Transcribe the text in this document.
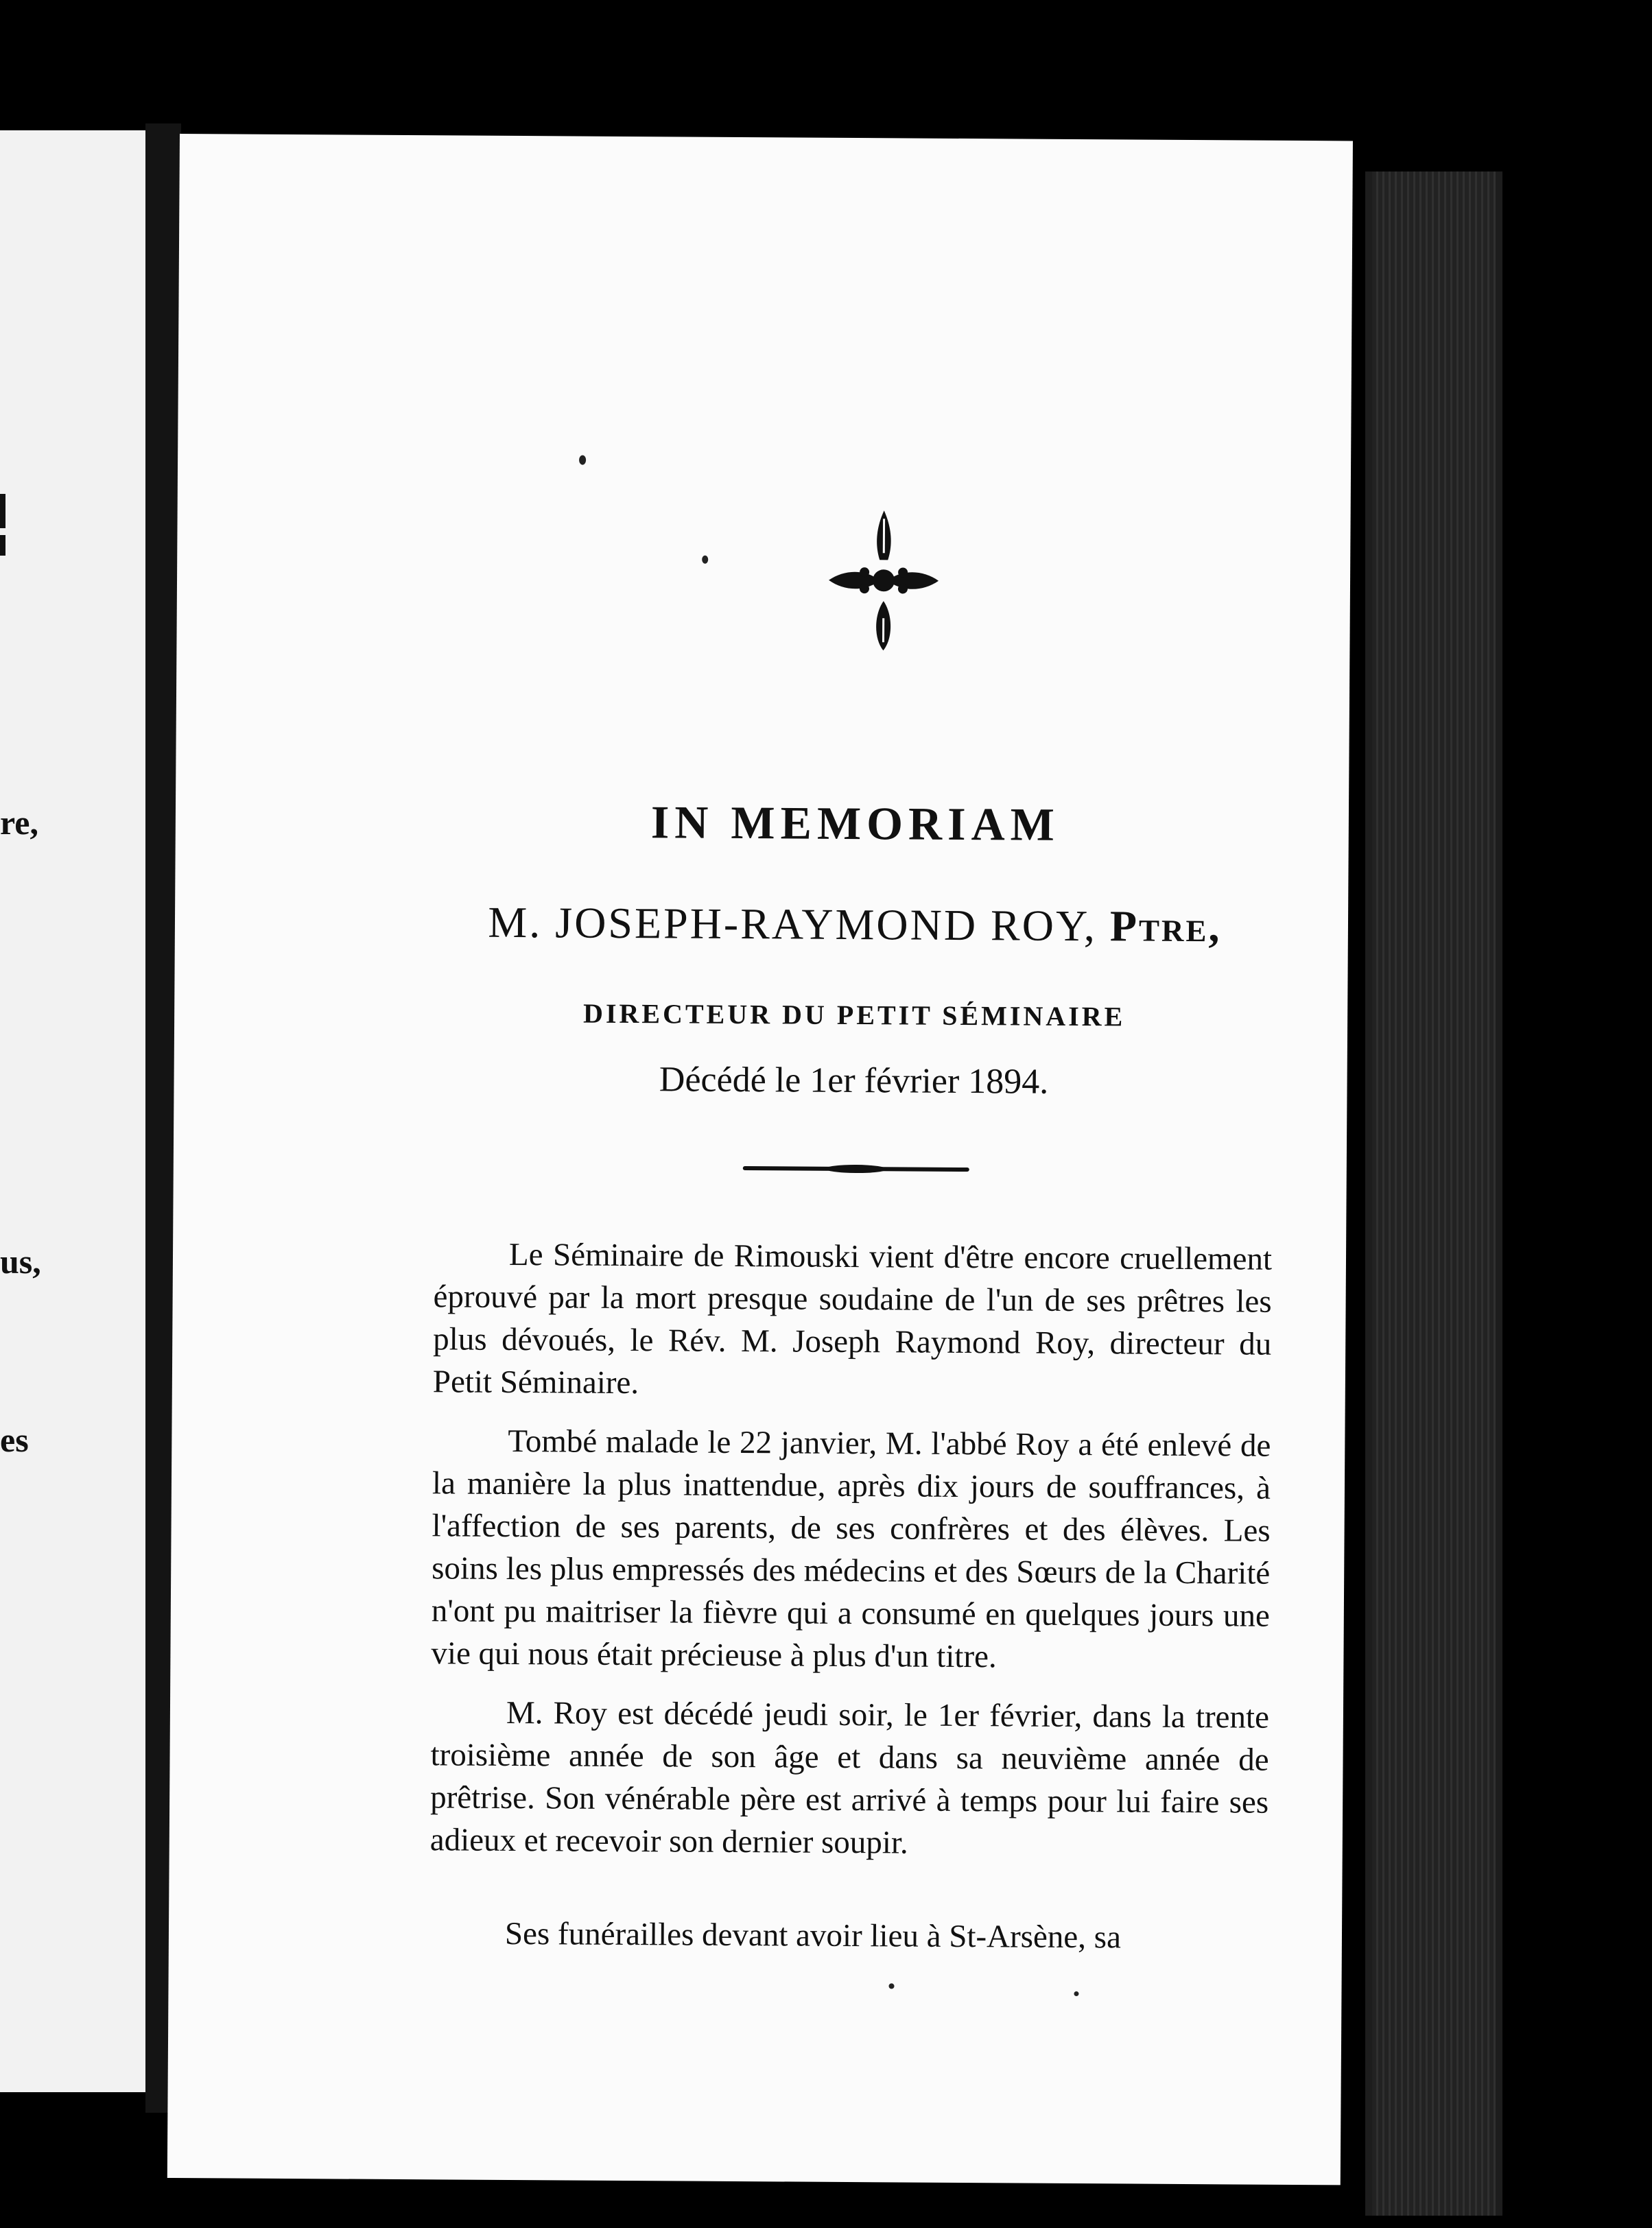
re,
us,
es
IN MEMORIAM
M. JOSEPH-RAYMOND ROY, Ptre,
DIRECTEUR DU PETIT SÉMINAIRE
Décédé le 1er février 1894.

Le Séminaire de Rimouski vient d'être encore cruellement éprouvé par la mort presque soudaine de l'un de ses prêtres les plus dévoués, le Rév. M. Joseph Raymond Roy, directeur du Petit Séminaire.

Tombé malade le 22 janvier, M. l'abbé Roy a été enlevé de la manière la plus inattendue, après dix jours de souffrances, à l'affection de ses parents, de ses confrères et des élèves. Les soins les plus empressés des médecins et des Sœurs de la Charité n'ont pu maitriser la fièvre qui a consumé en quelques jours une vie qui nous était précieuse à plus d'un titre.

M. Roy est décédé jeudi soir, le 1er février, dans la trente troisième année de son âge et dans sa neuvième année de prêtrise. Son vénérable père est arrivé à temps pour lui faire ses adieux et recevoir son dernier soupir.

Ses funérailles devant avoir lieu à St-Arsène, sa
